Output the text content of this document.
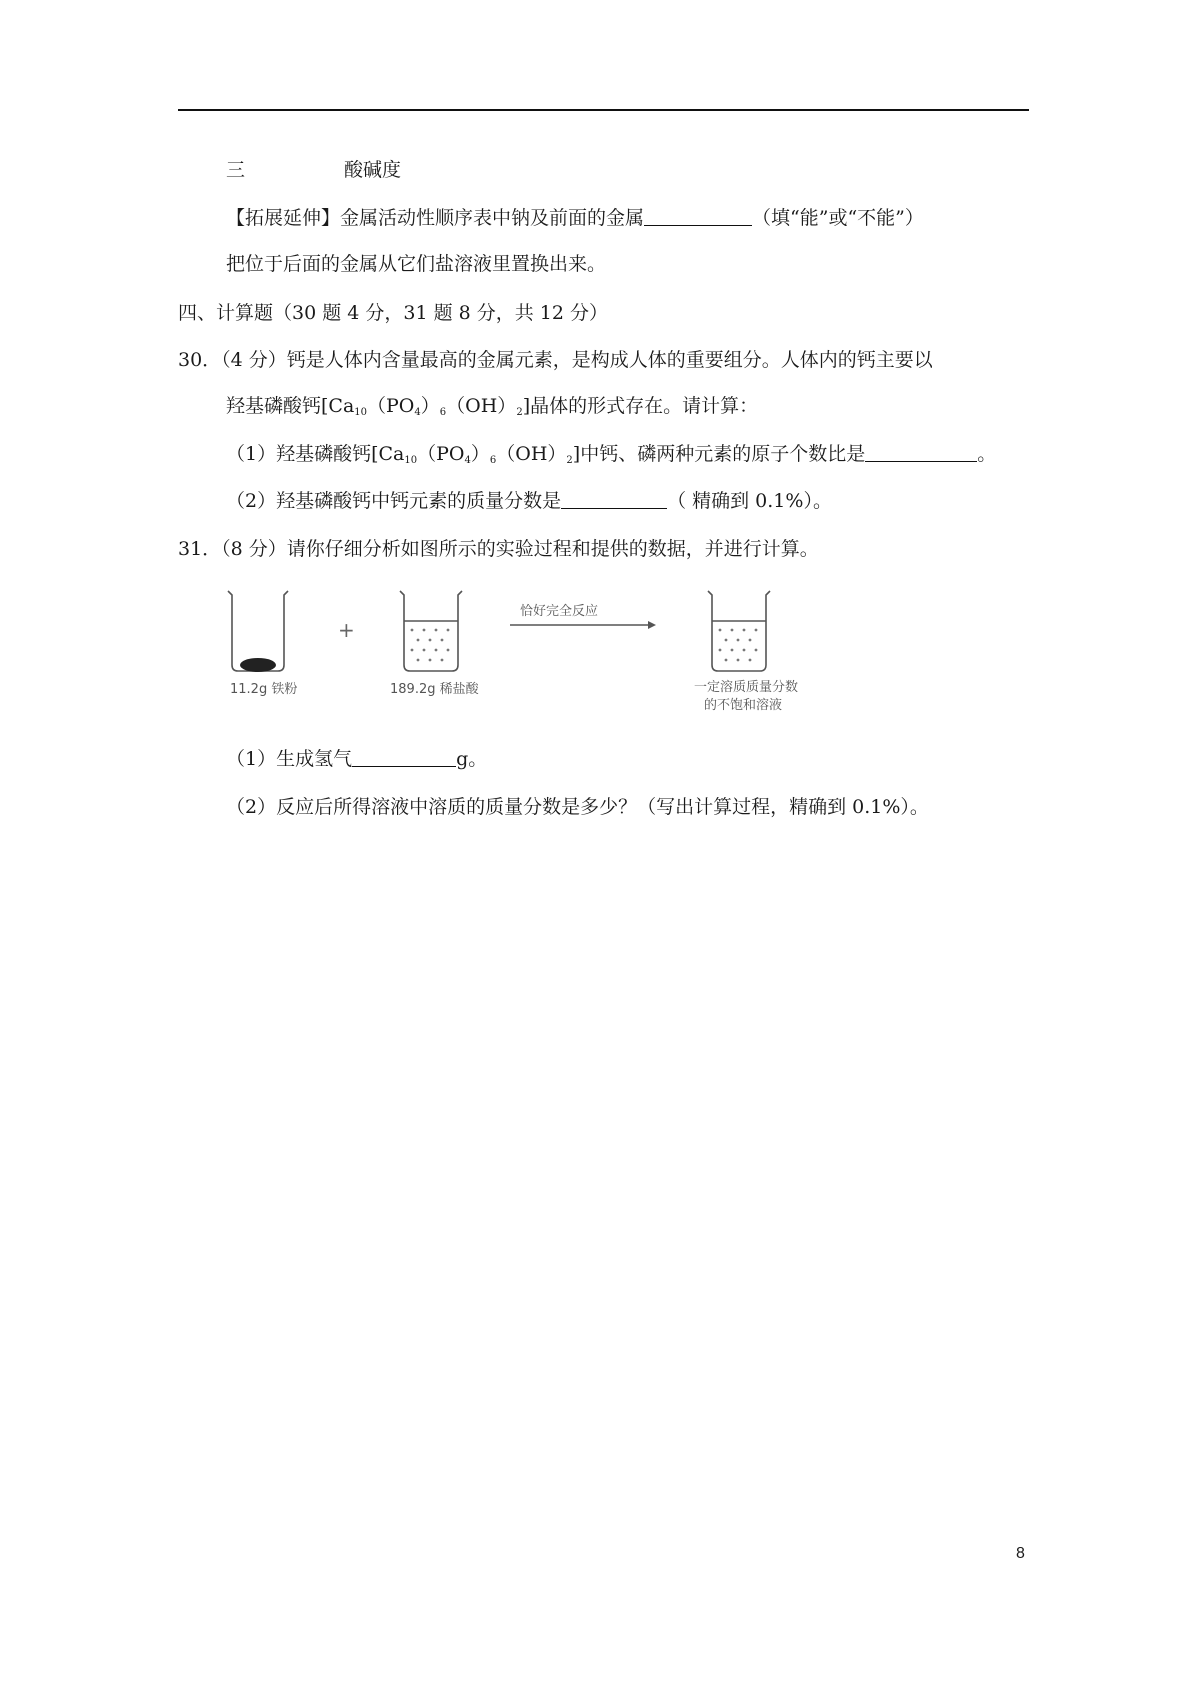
三	酸碱度
【拓展延伸】金属活动性顺序表中钠及前面的金属	（填“能”或“不能”）
把位于后面的金属从它们盐溶液里置换出来。
四、计算题（30 题 4 分，31 题 8 分，共 12 分）
30．（4 分）钙是人体内含量最高的金属元素，是构成人体的重要组分。人体内的钙主要以
羟基磷酸钙$[Ca_{10}(PO_4)_6(OH)_2]$晶体的形式存在。请计算：
（1）羟基磷酸钙$[Ca_{10}(PO_4)_6(OH)_2]$中钙、磷两种元素的原子个数比是	。
（2）羟基磷酸钙中钙元素的质量分数是	（ 精确到 0.1%）。
31．（8 分）请你仔细分析如图所示的实验过程和提供的数据，并进行计算。
11.2g 铁粉
+
189.2g 稀盐酸
恰好完全反应
一定溶质质量分数
的不饱和溶液
（1）生成氢气	g。
（2）反应后所得溶液中溶质的质量分数是多少？（写出计算过程，精确到 0.1%）。
8
